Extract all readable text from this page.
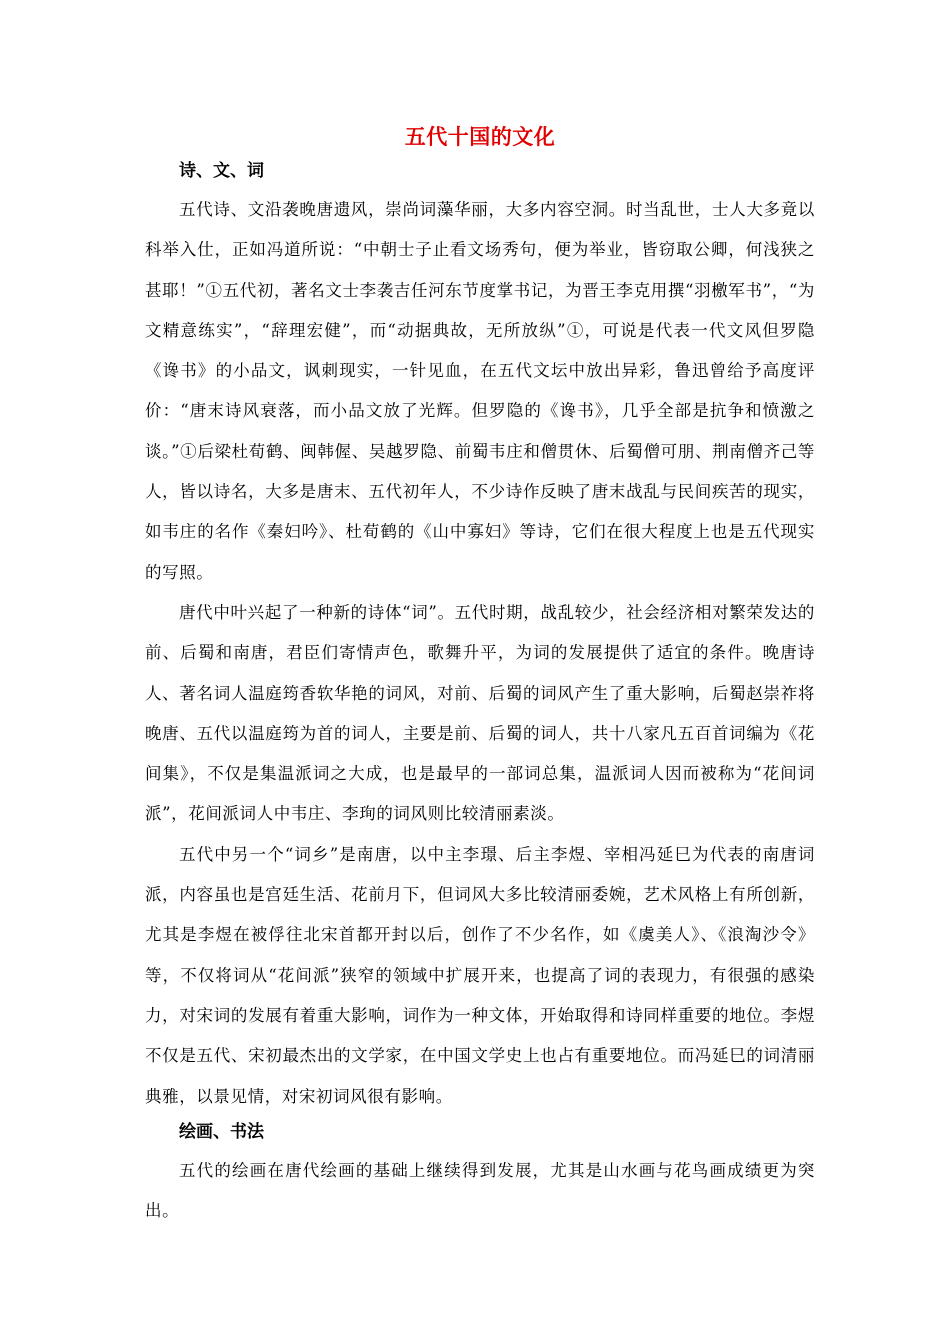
五代十国的文化
诗、文、词

五代诗、文沿袭晚唐遗风，崇尚词藻华丽，大多内容空洞。时当乱世，士人大多竟以科举入仕，正如冯道所说：“中朝士子止看文场秀句，便为举业，皆窃取公卿，何浅狭之甚耶！”①五代初，著名文士李袭吉任河东节度掌书记，为晋王李克用撰“羽檄军书”，“为文精意练实”，“辞理宏健”，而“动据典故，无所放纵”①，可说是代表一代文风但罗隐《谗书》的小品文，讽刺现实，一针见血，在五代文坛中放出异彩，鲁迅曾给予高度评价：“唐末诗风衰落，而小品文放了光辉。但罗隐的《谗书》，几乎全部是抗争和愤激之谈。”①后梁杜荀鹤、闽韩偓、吴越罗隐、前蜀韦庄和僧贯休、后蜀僧可朋、荆南僧齐己等人，皆以诗名，大多是唐末、五代初年人，不少诗作反映了唐末战乱与民间疾苦的现实，如韦庄的名作《秦妇吟》、杜荀鹤的《山中寡妇》等诗，它们在很大程度上也是五代现实的写照。

唐代中叶兴起了一种新的诗体“词”。五代时期，战乱较少，社会经济相对繁荣发达的前、后蜀和南唐，君臣们寄情声色，歌舞升平，为词的发展提供了适宜的条件。晚唐诗人、著名词人温庭筠香软华艳的词风，对前、后蜀的词风产生了重大影响，后蜀赵崇祚将晚唐、五代以温庭筠为首的词人，主要是前、后蜀的词人，共十八家凡五百首词编为《花间集》，不仅是集温派词之大成，也是最早的一部词总集，温派词人因而被称为“花间词派”，花间派词人中韦庄、李珣的词风则比较清丽素淡。

五代中另一个“词乡”是南唐，以中主李璟、后主李煜、宰相冯延巳为代表的南唐词派，内容虽也是宫廷生活、花前月下，但词风大多比较清丽委婉，艺术风格上有所创新，尤其是李煜在被俘往北宋首都开封以后，创作了不少名作，如《虞美人》、《浪淘沙令》等，不仅将词从“花间派”狭窄的领域中扩展开来，也提高了词的表现力，有很强的感染力，对宋词的发展有着重大影响，词作为一种文体，开始取得和诗同样重要的地位。李煜不仅是五代、宋初最杰出的文学家，在中国文学史上也占有重要地位。而冯延巳的词清丽典雅，以景见情，对宋初词风很有影响。

绘画、书法

五代的绘画在唐代绘画的基础上继续得到发展，尤其是山水画与花鸟画成绩更为突出。
